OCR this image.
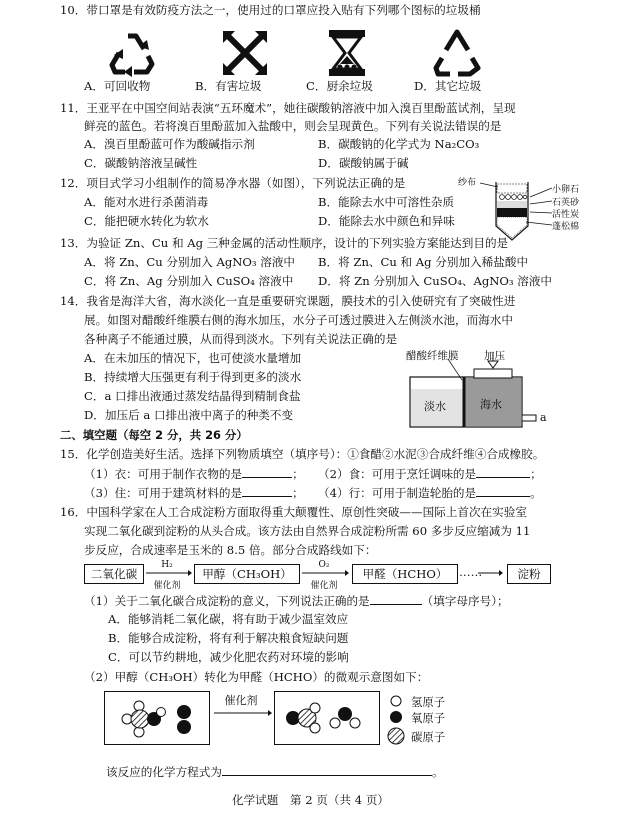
10．带口罩是有效防疫方法之一，使用过的口罩应投入贴有下列哪个图标的垃圾桶
A．可回收物	B．有害垃圾	C．厨余垃圾	D．其它垃圾
11．王亚平在中国空间站表演“五环魔术”，她往碳酸钠溶液中加入溴百里酚蓝试剂，呈现
鲜亮的蓝色。若将溴百里酚蓝加入盐酸中，则会呈现黄色。下列有关说法错误的是
A．溴百里酚蓝可作为酸碱指示剂	B．碳酸钠的化学式为 Na₂CO₃
C．碳酸钠溶液呈碱性	D．碳酸钠属于碱
12．项目式学习小组制作的简易净水器（如图），下列说法正确的是
A．能对水进行杀菌消毒	B．能除去水中可溶性杂质
C．能把硬水转化为软水	D．能除去水中颜色和异味
纱布
小卵石
石英砂
活性炭
蓬松棉
13．为验证 Zn、Cu 和 Ag 三种金属的活动性顺序，设计的下列实验方案能达到目的是
A．将 Zn、Cu 分别加入 AgNO₃ 溶液中 B．将 Zn、Cu 和 Ag 分别加入稀盐酸中
C．将 Zn、Ag 分别加入 CuSO₄ 溶液中 D．将 Zn 分别加入 CuSO₄、AgNO₃ 溶液中
14．我省是海洋大省，海水淡化一直是重要研究课题，膜技术的引入使研究有了突破性进
展。如图对醋酸纤维膜右侧的海水加压，水分子可透过膜进入左侧淡水池，而海水中
各种离子不能通过膜，从而得到淡水。下列有关说法正确的是
A．在未加压的情况下，也可使淡水量增加
B．持续增大压强更有利于得到更多的淡水
C．a 口排出液通过蒸发结晶得到精制食盐
D．加压后 a 口排出液中离子的种类不变
醋酸纤维膜 加压
淡水	海水
a
二、填空题（每空 2 分，共 26 分）
15．化学创造美好生活。选择下列物质填空（填序号）：①食醋②水泥③合成纤维④合成橡胶。
（1）衣：可用于制作衣物的是	； （2）食：可用于烹饪调味的是	；
（3）住：可用于建筑材料的是	； （4）行：可用于制造轮胎的是	。
16．中国科学家在人工合成淀粉方面取得重大颠覆性、原创性突破——国际上首次在实验室
实现二氧化碳到淀粉的从头合成。该方法由自然界合成淀粉所需 60 多步反应缩减为 11
步反应，合成速率是玉米的 8.5 倍。部分合成路线如下：
二氧化碳
H₂
催化剂
甲醇（CH₃OH）
O₂
催化剂
甲醛（HCHO） ……	淀粉
（1）关于二氧化碳合成淀粉的意义，下列说法正确的是	（填字母序号）；
A．能够消耗二氧化碳，将有助于减少温室效应
B．能够合成淀粉，将有利于解决粮食短缺问题
C．可以节约耕地，减少化肥农药对环境的影响
（2）甲醇（CH₃OH）转化为甲醛（HCHO）的微观示意图如下：
催化剂	氢原子
氧原子
碳原子
该反应的化学方程式为	。
化学试题　第 2 页（共 4 页）
